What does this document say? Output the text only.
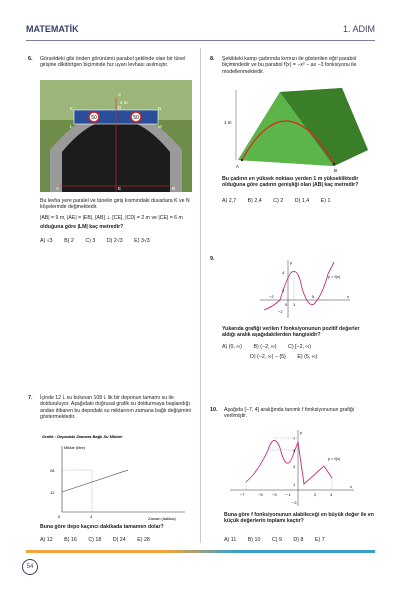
MATEMATİK	1. ADIM
6. Görseldeki gibi önden görünümü parabol şeklinde olan bir tünel girişine dikdörtgen biçiminde hız uyarı levhası asılmıştır.
50	50
2 m
C
D
K
L	M
N
A	E	B
Bu levha yere paralel ve tünelin giriş kısmındaki duvarlara K ve N köşelerinde değmektedir.
|AB| = 9 m, |AE| = |EB|, [AB] ⊥ [CE], |CD| = 2 m ve |CE| = 6 m
olduğuna göre |LM| kaç metredir?
A) √3 B) 2 C) 3 D) 2√3 E) 3√3
7. İçinde 12 L su bulunan 108 L lik bir deponun tamamı su ile dolduruluyor. Aşağıdaki doğrusal grafik su doldurmaya başlandığı andan itibaren bu depodaki su miktarının zamana bağlı değişimini göstermektedir.
Grafik : Depodaki Zamana Bağlı Su Miktarı
Miktar (litre)
Zaman (dakika)
28
12
0	4
Buna göre depo kaçıncı dakikada tamamen dolar?
A) 12 B) 16 C) 18 D) 24 E) 28
8. Şekildeki kamp çadırında kırmızı ile gösterilen eğri parabol biçimindedir ve bu parabol f(x) = −x² − ax −3 fonksiyonu ile modellenmektedir.
1 m
A
B
Bu çadırın en yüksek noktası yerden 1 m yüksekliktedir olduğuna göre çadırın genişliği olan |AB| kaç metredir?
A) 2,7 B) 2,4 C) 2 D) 1,4 E) 1
9.
y
x
y = f(x)
4
−2
0 1
5
2
−2
Yukarıda grafiği verilen f fonksiyonunun pozitif değerler aldığı aralık aşağıdakilerden hangisidir?
A) (0, ∞) B) (−2, ∞) C) [−2, ∞)
D) (−2, ∞) − {5} E) (5, ∞)
10. Aşağıda [−7, 4] aralığında tanımlı f fonksiyonunun grafiği verilmiştir.
y
x
y = f(x)
7
5
3
1
−7	−5 −3 −1	2	4
−2
Buna göre f fonksiyonunun alabileceği en büyük değer ile en küçük değerlerin toplamı kaçtır?
A) 11 B) 10 C) 9 D) 8 E) 7
54
